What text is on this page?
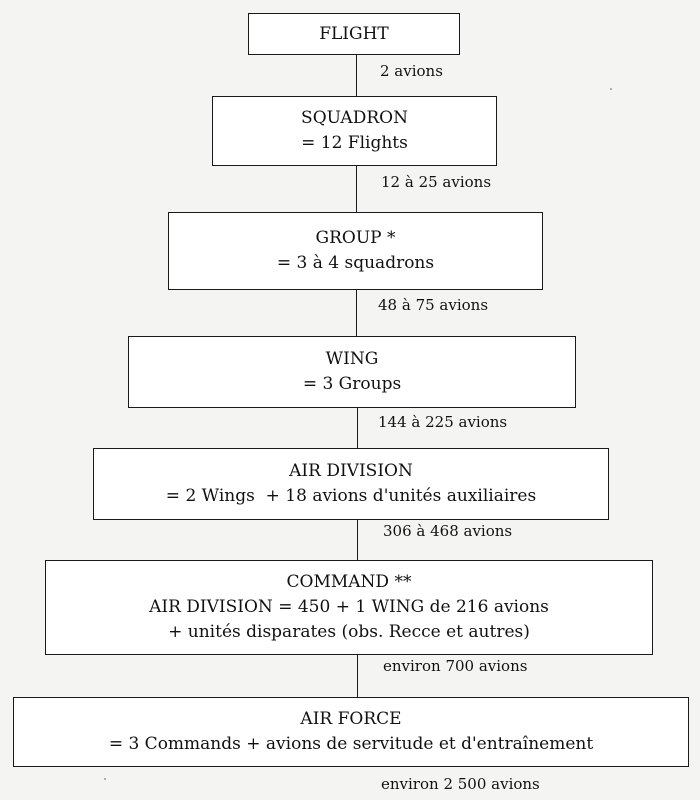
FLIGHT
2 avions
SQUADRON
= 12 Flights
12 à 25 avions
GROUP *
= 3 à 4 squadrons
48 à 75 avions
WING
= 3 Groups
144 à 225 avions
AIR DIVISION
= 2 Wings  + 18 avions d'unités auxiliaires
306 à 468 avions
COMMAND **
AIR DIVISION = 450 + 1 WING de 216 avions
+ unités disparates (obs. Recce et autres)
environ 700 avions
AIR FORCE
= 3 Commands + avions de servitude et d'entraînement
environ 2 500 avions
